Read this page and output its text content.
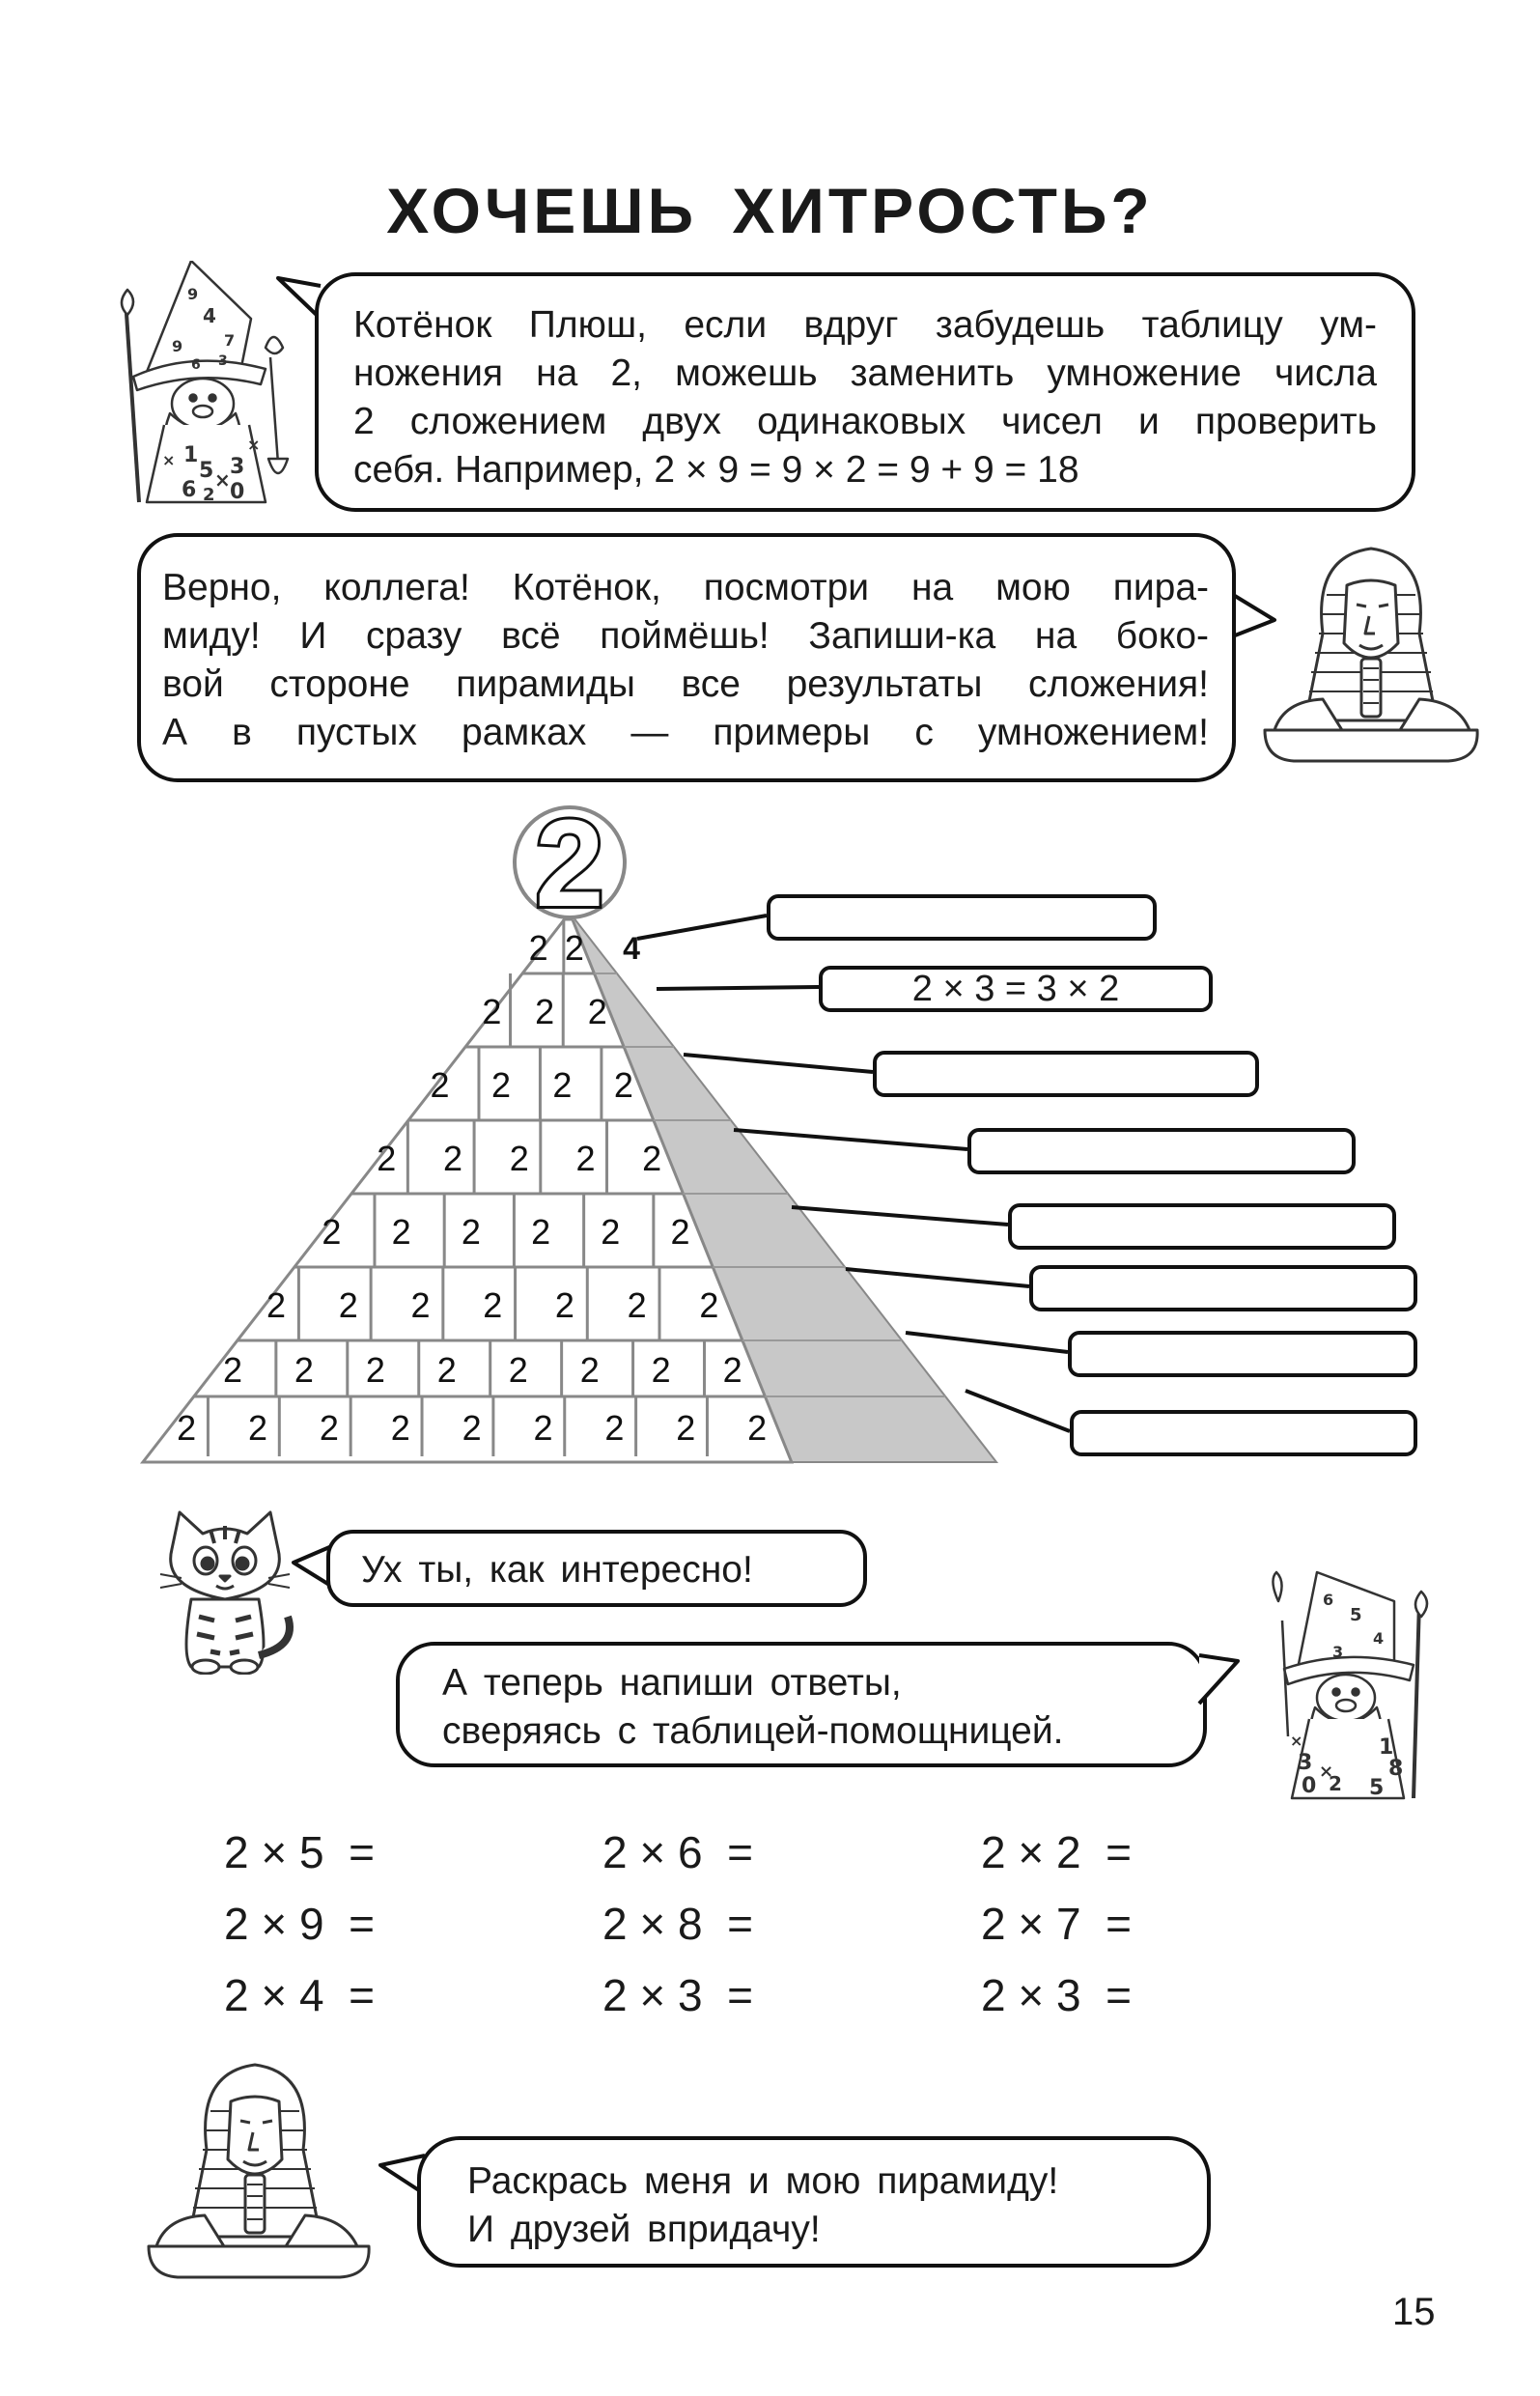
ХОЧЕШЬ ХИТРОСТЬ?
9
4
7
9
6 3
1
5 3
6 2 0
×
×
×
Котёнок Плюш, если вдруг забудешь таблицу ум-
ножения на 2, можешь заменить умножение числа
2 сложением двух одинаковых чисел и проверить
себя. Например, 2 × 9 = 9 × 2 = 9 + 9 = 18
Верно, коллега! Котёнок, посмотри на мою пира-
миду! И сразу всё поймёшь! Запиши-ка на боко-
вой стороне пирамиды все результаты сложения!
А в пустых рамках — примеры с умножением!
2 2
2 2 2
2 2 2 2
2 2 2 2 2
2 2 2 2 2 2
2 2 2 2 2 2 2
2 2 2 2 2 2 2 2
2 2 2 2 2 2 2 2 2
2
4
2 × 3 = 3 × 2
Ух ты, как интересно!
А теперь напиши ответы,
сверяясь с таблицей-помощницей.
6
5
4
3
3
1
8
0 2 5
×
×
2 × 5  =	2 × 6  =	2 × 2  =
2 × 9  =	2 × 8  =	2 × 7  =
2 × 4  =	2 × 3  =	2 × 3  =
Раскрась меня и мою пирамиду!
И друзей впридачу!
15
